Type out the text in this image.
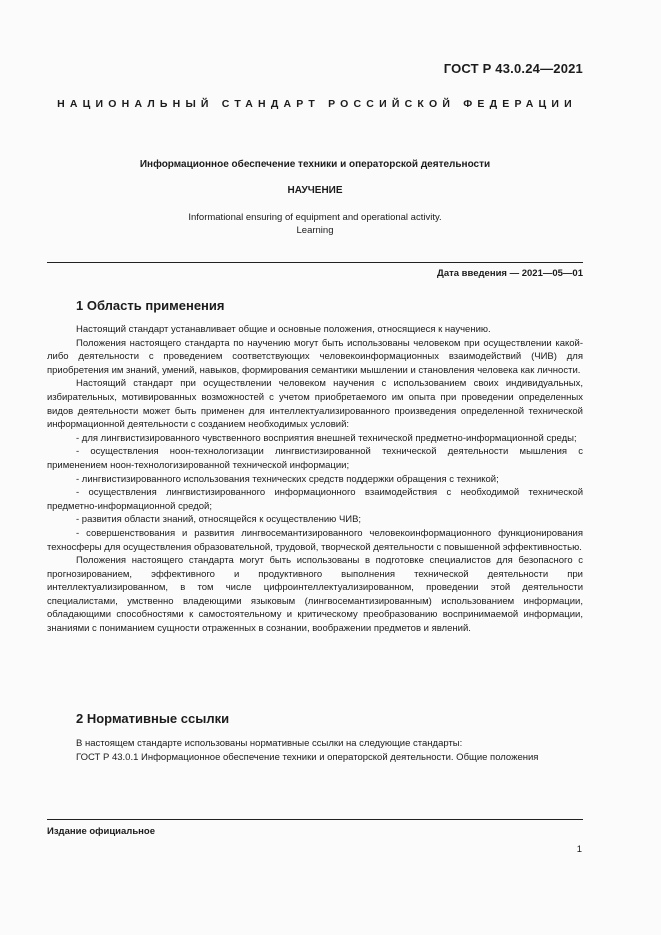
ГОСТ Р 43.0.24—2021
НАЦИОНАЛЬНЫЙ СТАНДАРТ РОССИЙСКОЙ ФЕДЕРАЦИИ
Информационное обеспечение техники и операторской деятельности
НАУЧЕНИЕ
Informational ensuring of equipment and operational activity.
Learning
Дата введения — 2021—05—01
1 Область применения

Настоящий стандарт устанавливает общие и основные положения, относящиеся к научению.

Положения настоящего стандарта по научению могут быть использованы человеком при осуществлении какой-либо деятельности с проведением соответствующих человекоинформационных взаимодействий (ЧИВ) для приобретения им знаний, умений, навыков, формирования семантики мышлении и становления человека как личности.

Настоящий стандарт при осуществлении человеком научения с использованием своих индивидуальных, избирательных, мотивированных возможностей с учетом приобретаемого им опыта при проведении определенных видов деятельности может быть применен для интеллектуализированного произведения определенной технической информационной деятельности с созданием необходимых условий:

- для лингвистизированного чувственного восприятия внешней технической предметно-информационной среды;

- осуществления ноон-технологизации лингвистизированной технической деятельности мышления с применением ноон-технологизированной технической информации;

- лингвистизированного использования технических средств поддержки обращения с техникой;

- осуществления лингвистизированного информационного взаимодействия с необходимой технической предметно-информационной средой;

- развития области знаний, относящейся к осуществлению ЧИВ;

- совершенствования и развития лингвосемантизированного человекоинформационного функционирования техносферы для осуществления образовательной, трудовой, творческой деятельности с повышенной эффективностью.

Положения настоящего стандарта могут быть использованы в подготовке специалистов для безопасного с прогнозированием, эффективного и продуктивного выполнения технической деятельности при интеллектуализированном, в том числе цифроинтеллектуализированном, проведении этой деятельности специалистами, умственно владеющими языковым (лингвосемантизированным) использованием информации, обладающими способностями к самостоятельному и критическому преобразованию воспринимаемой информации, знаниями с пониманием сущности отраженных в сознании, воображении предметов и явлений.

2 Нормативные ссылки

В настоящем стандарте использованы нормативные ссылки на следующие стандарты:

ГОСТ Р 43.0.1 Информационное обеспечение техники и операторской деятельности. Общие положения

Издание официальное
1
